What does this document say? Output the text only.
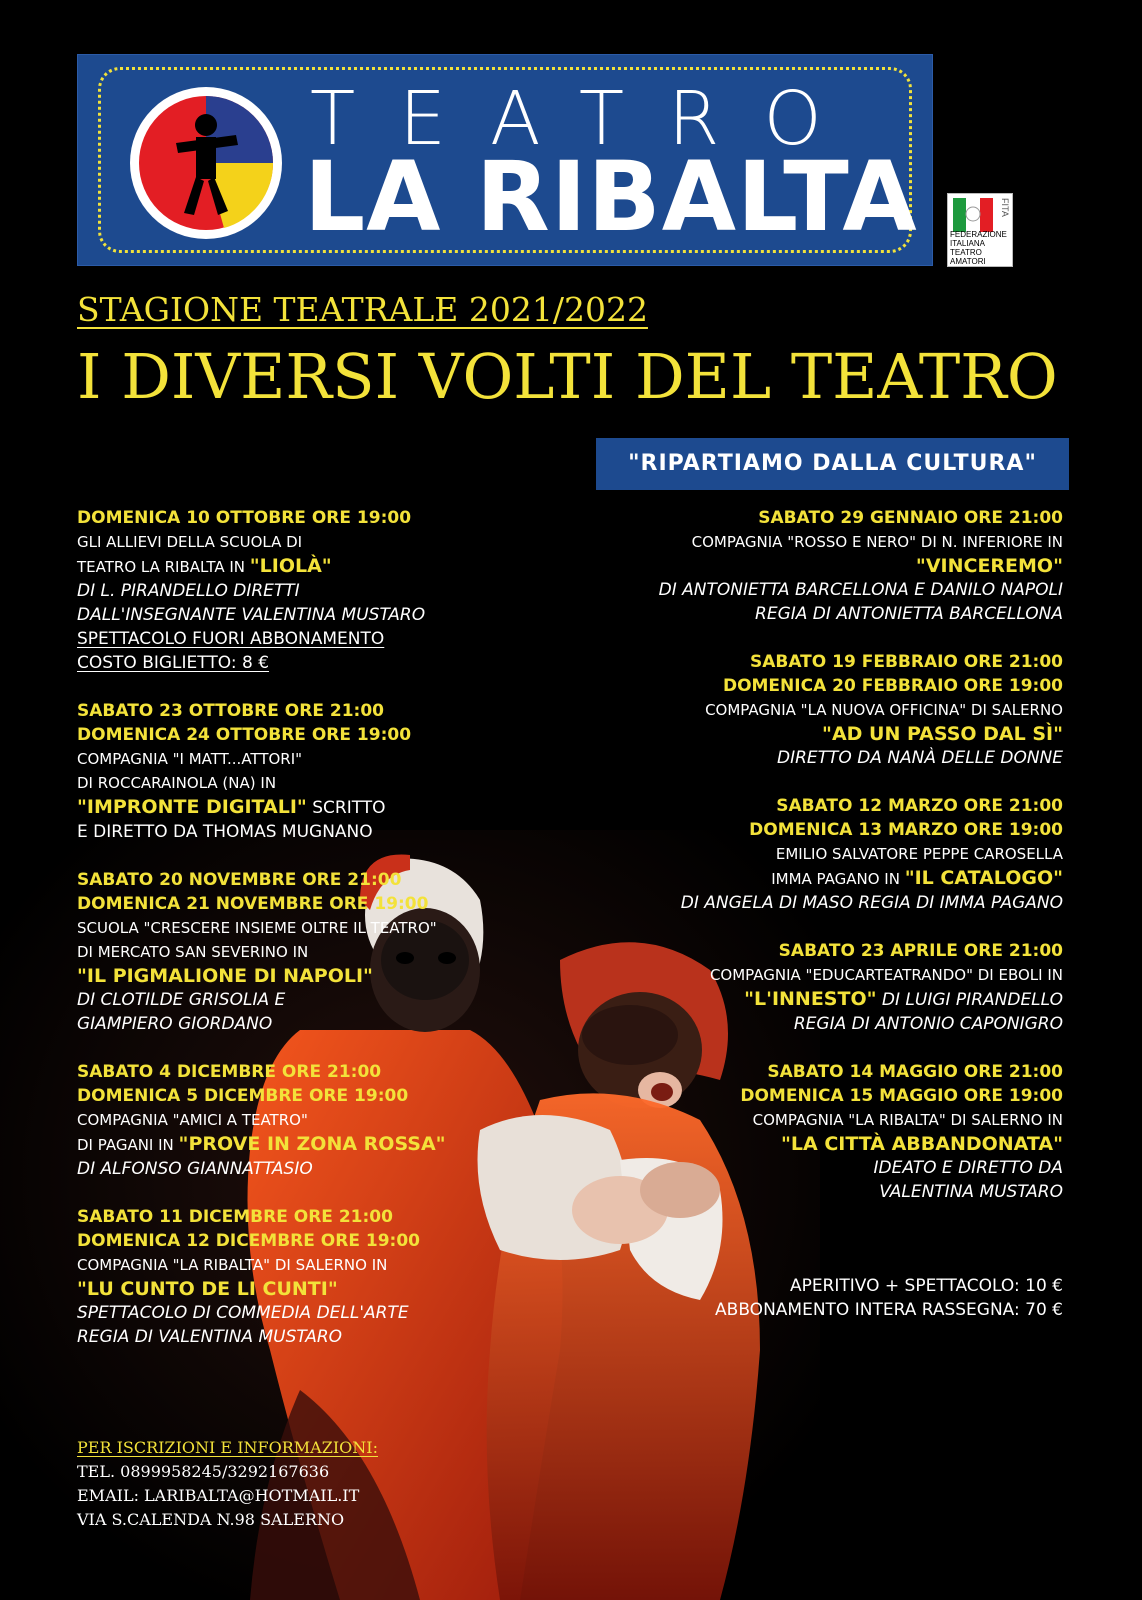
TEATRO
LA RIBALTA	FEDERAZIONE ITALIANA TEATRO AMATORI
FITA
STAGIONE TEATRALE 2021/2022
I DIVERSI VOLTI DEL TEATRO
"RIPARTIAMO DALLA CULTURA"
DOMENICA 10 OTTOBRE ORE 19:00
GLI ALLIEVI DELLA SCUOLA DI
TEATRO LA RIBALTA IN "LIOLÀ"
DI L. PIRANDELLO DIRETTI
DALL'INSEGNANTE VALENTINA MUSTARO
SPETTACOLO FUORI ABBONAMENTO
COSTO BIGLIETTO: 8 €
SABATO 23 OTTOBRE ORE 21:00
DOMENICA 24 OTTOBRE ORE 19:00
COMPAGNIA "I MATT...ATTORI"
DI ROCCARAINOLA (NA) IN
"IMPRONTE DIGITALI" SCRITTO
E DIRETTO DA THOMAS MUGNANO
SABATO 20 NOVEMBRE ORE 21:00
DOMENICA 21 NOVEMBRE ORE 19:00
SCUOLA "CRESCERE INSIEME OLTRE IL TEATRO"
DI MERCATO SAN SEVERINO IN
"IL PIGMALIONE DI NAPOLI"
DI CLOTILDE GRISOLIA E
GIAMPIERO GIORDANO
SABATO 4 DICEMBRE ORE 21:00
DOMENICA 5 DICEMBRE ORE 19:00
COMPAGNIA "AMICI A TEATRO"
DI PAGANI IN "PROVE IN ZONA ROSSA"
DI ALFONSO GIANNATTASIO
SABATO 11 DICEMBRE ORE 21:00
DOMENICA 12 DICEMBRE ORE 19:00
COMPAGNIA "LA RIBALTA" DI SALERNO IN
"LU CUNTO DE LI CUNTI"
SPETTACOLO DI COMMEDIA DELL'ARTE
REGIA DI VALENTINA MUSTARO
SABATO 29 GENNAIO ORE 21:00
COMPAGNIA "ROSSO E NERO" DI N. INFERIORE IN
"VINCEREMO"
DI ANTONIETTA BARCELLONA E DANILO NAPOLI
REGIA DI ANTONIETTA BARCELLONA
SABATO 19 FEBBRAIO ORE 21:00
DOMENICA 20 FEBBRAIO ORE 19:00
COMPAGNIA "LA NUOVA OFFICINA" DI SALERNO
"AD UN PASSO DAL SÌ"
DIRETTO DA NANÀ DELLE DONNE
SABATO 12 MARZO ORE 21:00
DOMENICA 13 MARZO ORE 19:00
EMILIO SALVATORE PEPPE CAROSELLA
IMMA PAGANO IN "IL CATALOGO"
DI ANGELA DI MASO REGIA DI IMMA PAGANO
SABATO 23 APRILE ORE 21:00
COMPAGNIA "EDUCARTEATRANDO" DI EBOLI IN
"L'INNESTO" DI LUIGI PIRANDELLO
REGIA DI ANTONIO CAPONIGRO
SABATO 14 MAGGIO ORE 21:00
DOMENICA 15 MAGGIO ORE 19:00
COMPAGNIA "LA RIBALTA" DI SALERNO IN
"LA CITTÀ ABBANDONATA"
IDEATO E DIRETTO DA
VALENTINA MUSTARO
APERITIVO + SPETTACOLO: 10 €
ABBONAMENTO INTERA RASSEGNA: 70 €
PER ISCRIZIONI E INFORMAZIONI:
TEL. 0899958245/3292167636
EMAIL: LARIBALTA@HOTMAIL.IT
VIA S.CALENDA N.98 SALERNO
